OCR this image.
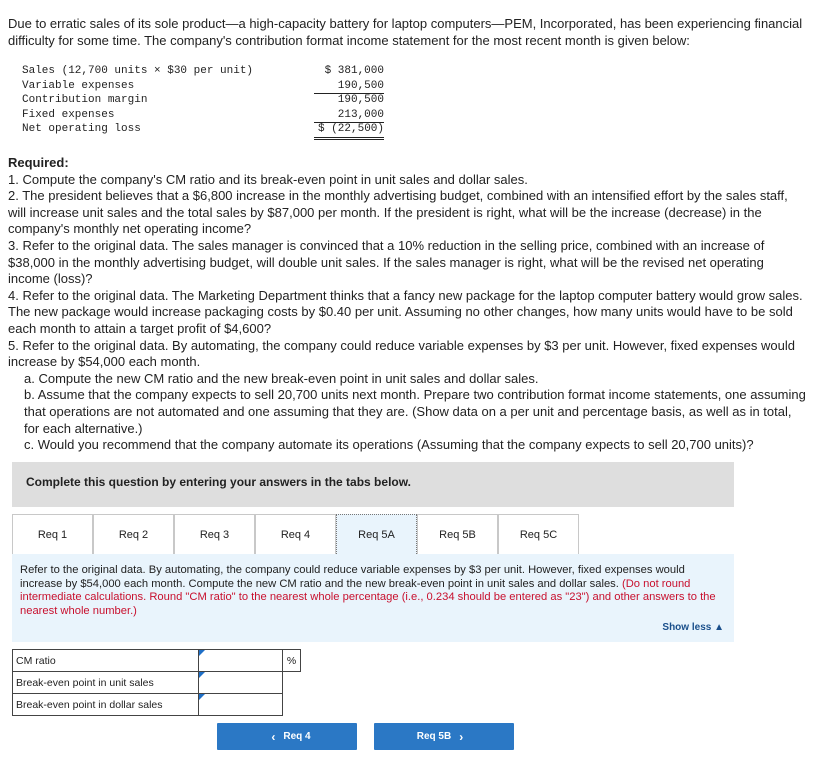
Due to erratic sales of its sole product—a high-capacity battery for laptop computers—PEM, Incorporated, has been experiencing financial difficulty for some time. The company's contribution format income statement for the most recent month is given below:
Sales (12,700 units × $30 per unit)	$ 381,000
Variable expenses	190,500
Contribution margin	190,500
Fixed expenses	213,000
Net operating loss	$ (22,500)
Required:
1. Compute the company's CM ratio and its break-even point in unit sales and dollar sales.
2. The president believes that a $6,800 increase in the monthly advertising budget, combined with an intensified effort by the sales staff, will increase unit sales and the total sales by $87,000 per month. If the president is right, what will be the increase (decrease) in the company's monthly net operating income?
3. Refer to the original data. The sales manager is convinced that a 10% reduction in the selling price, combined with an increase of $38,000 in the monthly advertising budget, will double unit sales. If the sales manager is right, what will be the revised net operating income (loss)?
4. Refer to the original data. The Marketing Department thinks that a fancy new package for the laptop computer battery would grow sales. The new package would increase packaging costs by $0.40 per unit. Assuming no other changes, how many units would have to be sold each month to attain a target profit of $4,600?
5. Refer to the original data. By automating, the company could reduce variable expenses by $3 per unit. However, fixed expenses would increase by $54,000 each month.
a. Compute the new CM ratio and the new break-even point in unit sales and dollar sales.
b. Assume that the company expects to sell 20,700 units next month. Prepare two contribution format income statements, one assuming that operations are not automated and one assuming that they are. (Show data on a per unit and percentage basis, as well as in total, for each alternative.)
c. Would you recommend that the company automate its operations (Assuming that the company expects to sell 20,700 units)?
Complete this question by entering your answers in the tabs below.
Req 1	Req 2	Req 3	Req 4	Req 5A	Req 5B	Req 5C
Refer to the original data. By automating, the company could reduce variable expenses by $3 per unit. However, fixed expenses would increase by $54,000 each month. Compute the new CM ratio and the new break-even point in unit sales and dollar sales. (Do not round intermediate calculations. Round "CM ratio" to the nearest whole percentage (i.e., 0.234 should be entered as "23") and other answers to the nearest whole number.)
Show less ▲
CM ratio		%
Break-even point in unit sales	

Break-even point in dollar sales	

‹ Req 4	Req 5B ›
